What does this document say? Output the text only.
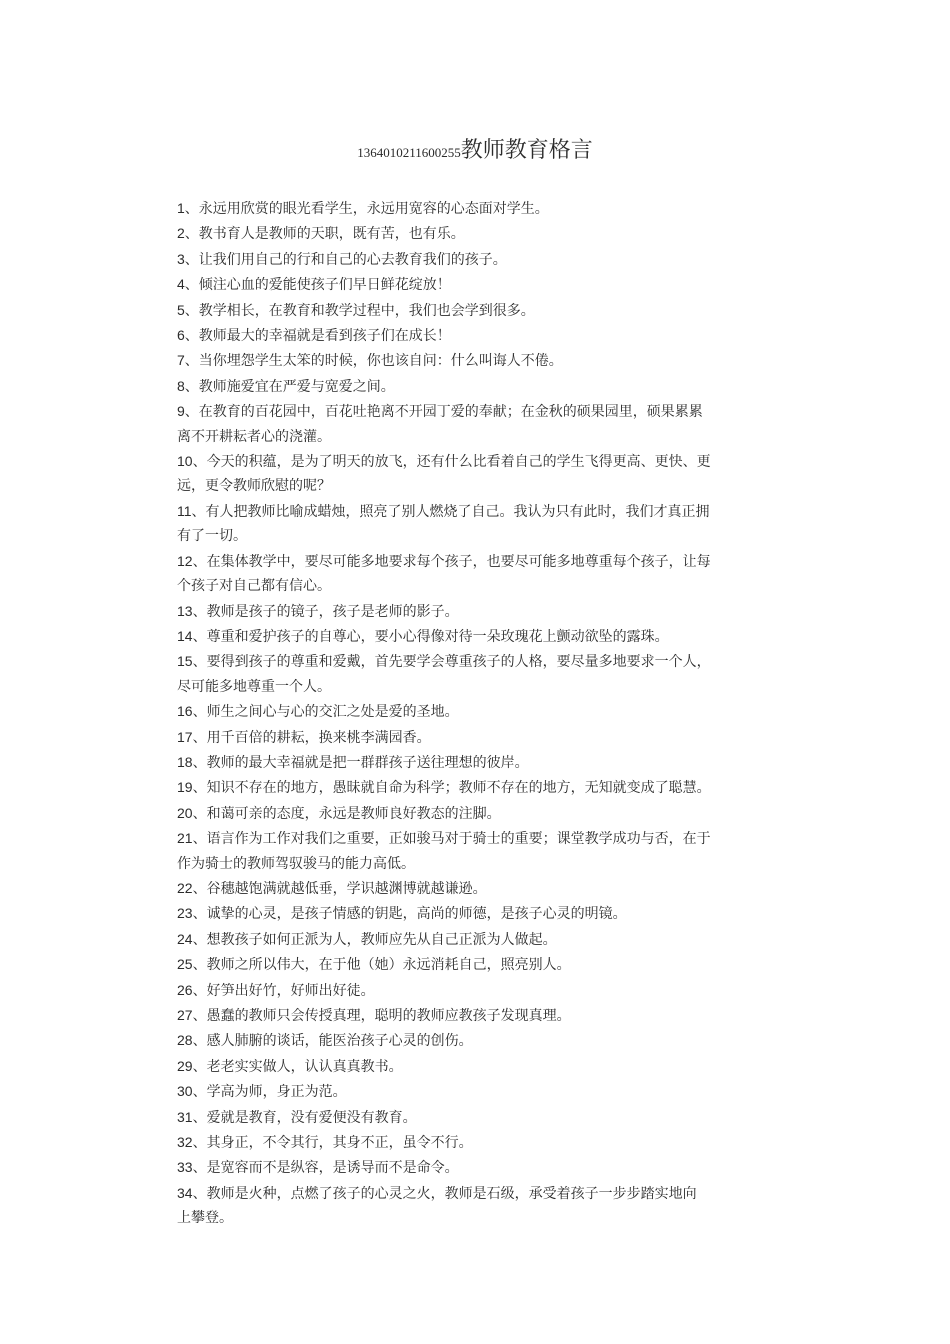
1364010211600255教师教育格言
1、永远用欣赏的眼光看学生，永远用宽容的心态面对学生。
2、教书育人是教师的天职，既有苦，也有乐。
3、让我们用自己的行和自己的心去教育我们的孩子。
4、倾注心血的爱能使孩子们早日鲜花绽放！
5、教学相长，在教育和教学过程中，我们也会学到很多。
6、教师最大的幸福就是看到孩子们在成长！
7、当你埋怨学生太笨的时候，你也该自问：什么叫诲人不倦。
8、教师施爱宜在严爱与宽爱之间。
9、在教育的百花园中，百花吐艳离不开园丁爱的奉献；在金秋的硕果园里，硕果累累
离不开耕耘者心的浇灌。
10、今天的积蕴，是为了明天的放飞，还有什么比看着自己的学生飞得更高、更快、更
远，更令教师欣慰的呢？
11、有人把教师比喻成蜡烛，照亮了别人燃烧了自己。我认为只有此时，我们才真正拥
有了一切。
12、在集体教学中，要尽可能多地要求每个孩子，也要尽可能多地尊重每个孩子，让每
个孩子对自己都有信心。
13、教师是孩子的镜子，孩子是老师的影子。
14、尊重和爱护孩子的自尊心，要小心得像对待一朵玫瑰花上颤动欲坠的露珠。
15、要得到孩子的尊重和爱戴，首先要学会尊重孩子的人格，要尽量多地要求一个人，
尽可能多地尊重一个人。
16、师生之间心与心的交汇之处是爱的圣地。
17、用千百倍的耕耘，换来桃李满园香。
18、教师的最大幸福就是把一群群孩子送往理想的彼岸。
19、知识不存在的地方，愚昧就自命为科学；教师不存在的地方，无知就变成了聪慧。
20、和蔼可亲的态度，永远是教师良好教态的注脚。
21、语言作为工作对我们之重要，正如骏马对于骑士的重要；课堂教学成功与否，在于
作为骑士的教师驾驭骏马的能力高低。
22、谷穗越饱满就越低垂，学识越渊博就越谦逊。
23、诚挚的心灵，是孩子情感的钥匙，高尚的师德，是孩子心灵的明镜。
24、想教孩子如何正派为人，教师应先从自己正派为人做起。
25、教师之所以伟大，在于他（她）永远消耗自己，照亮别人。
26、好笋出好竹，好师出好徒。
27、愚蠢的教师只会传授真理，聪明的教师应教孩子发现真理。
28、感人肺腑的谈话，能医治孩子心灵的创伤。
29、老老实实做人，认认真真教书。
30、学高为师，身正为范。
31、爱就是教育，没有爱便没有教育。
32、其身正，不令其行，其身不正，虽令不行。
33、是宽容而不是纵容，是诱导而不是命令。
34、教师是火种，点燃了孩子的心灵之火，教师是石级，承受着孩子一步步踏实地向
上攀登。
